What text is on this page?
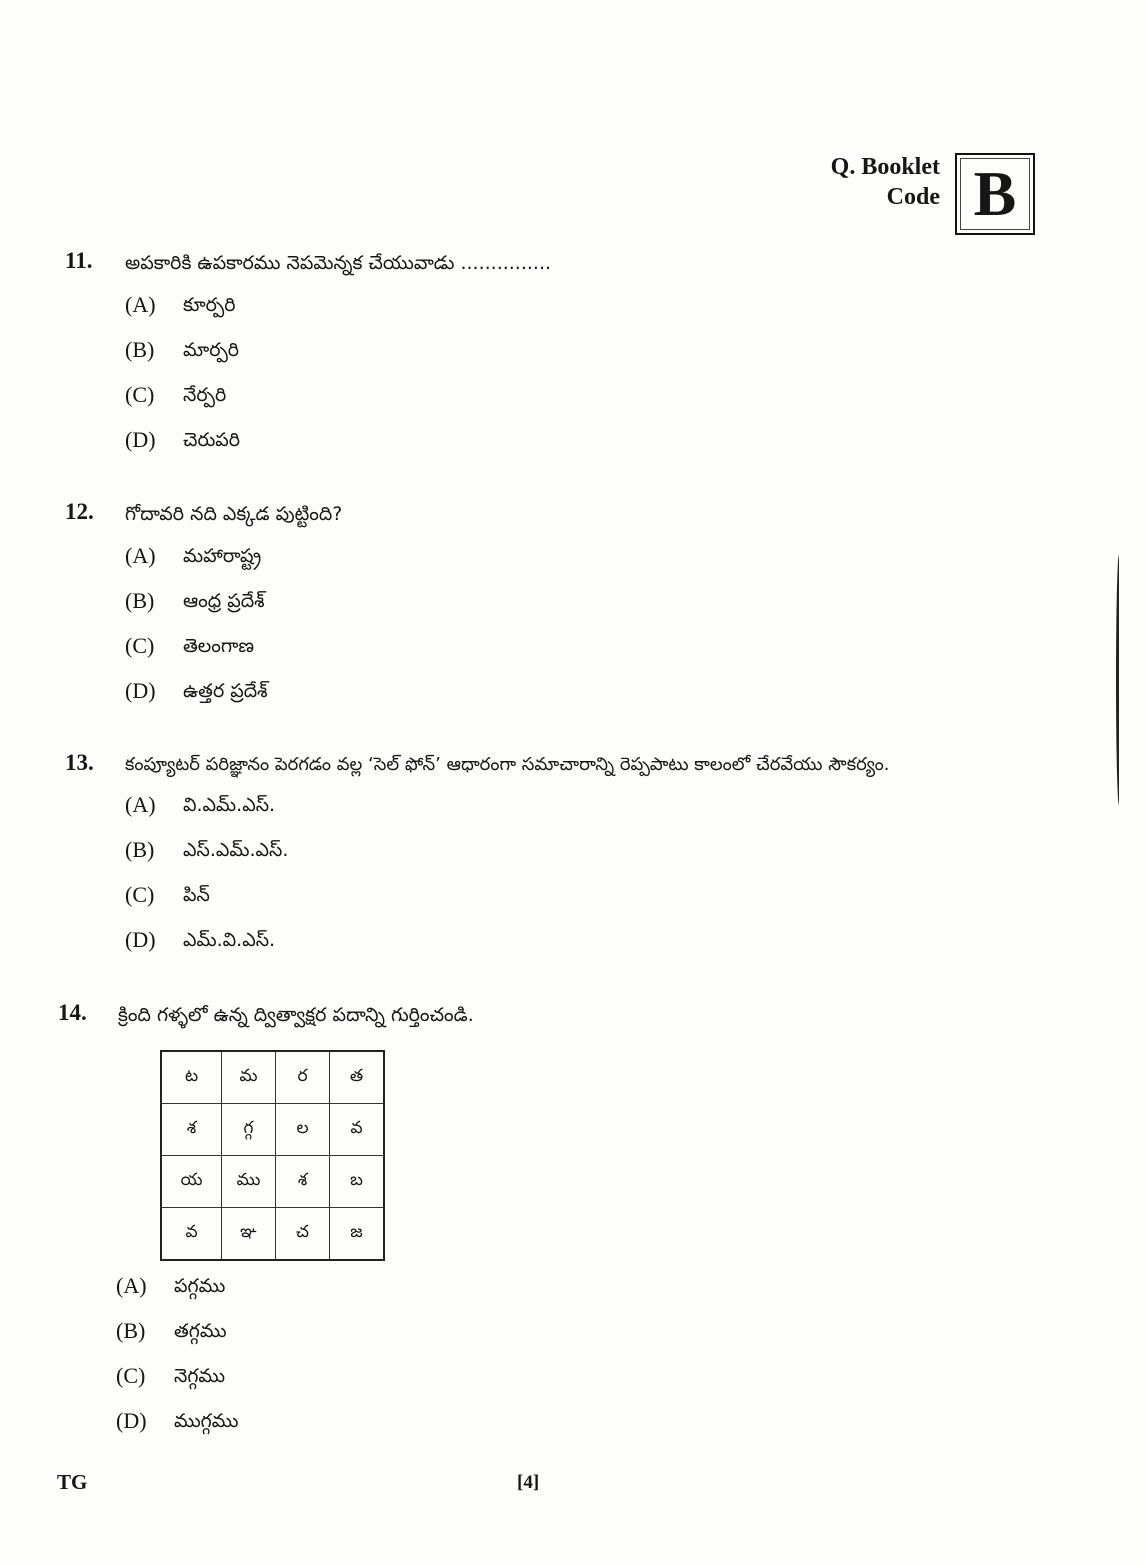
Q. Booklet
Code B
11. అపకారికి ఉపకారము నెపమెన్నక చేయువాడు ...............
(A) కూర్పరి
(B) మార్పరి
(C) నేర్పరి
(D) చెరుపరి
12. గోదావరి నది ఎక్కడ పుట్టింది?
(A) మహారాష్ట్ర
(B) ఆంధ్ర ప్రదేశ్
(C) తెలంగాణ
(D) ఉత్తర ప్రదేశ్
13. కంప్యూటర్ పరిజ్ఞానం పెరగడం వల్ల ‘సెల్ ఫోన్’ ఆధారంగా సమాచారాన్ని రెప్పపాటు కాలంలో చేరవేయు సౌకర్యం.
(A) వి.ఎమ్.ఎస్.
(B) ఎస్.ఎమ్.ఎస్.
(C) పిన్
(D) ఎమ్.వి.ఎస్.
14. క్రింది గళ్ళలో ఉన్న ద్విత్వాక్షర పదాన్ని గుర్తించండి.
ట	మ	ర	త
శ	గ్గ	ల	వ
య	ము	శ	బ
వ	ఞ	చ	జ
(A) పగ్గము
(B) తగ్గము
(C) నెగ్గము
(D) ముగ్గము
TG	[4]
